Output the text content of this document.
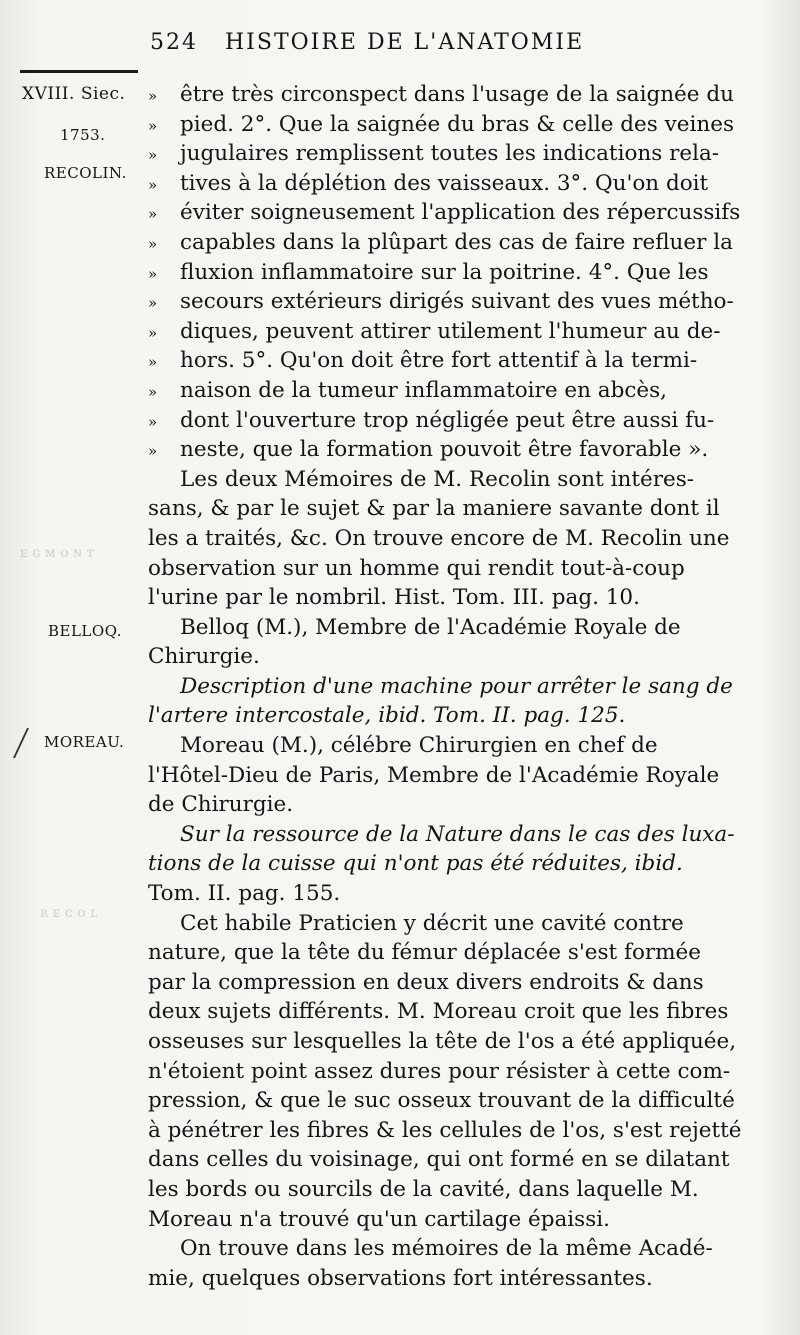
ᴇ ɢ ᴍ ᴏ ɴ ᴛ
ʀ ᴇ ᴄ ᴏ ʟ
524 HISTOIRE DE L'ANATOMIE
XVIII. Siec.
1753.
RECOLIN.
BELLOQ.
MOREAU.
» être très circonspect dans l'usage de la saignée du
» pied. 2°. Que la saignée du bras & celle des veines
» jugulaires remplissent toutes les indications rela-
» tives à la déplétion des vaisseaux. 3°. Qu'on doit
» éviter soigneusement l'application des répercussifs
» capables dans la plûpart des cas de faire refluer la
» fluxion inflammatoire sur la poitrine. 4°. Que les
» secours extérieurs dirigés suivant des vues métho-
» diques, peuvent attirer utilement l'humeur au de-
» hors. 5°. Qu'on doit être fort attentif à la termi-
» naison de la tumeur inflammatoire en abcès,
» dont l'ouverture trop négligée peut être aussi fu-
» neste, que la formation pouvoit être favorable ».
Les deux Mémoires de M. Recolin sont intéres-
sans, & par le sujet & par la maniere savante dont il
les a traités, &c. On trouve encore de M. Recolin une
observation sur un homme qui rendit tout-à-coup
l'urine par le nombril. Hist. Tom. III. pag. 10.
Belloq (M.), Membre de l'Académie Royale de
Chirurgie.
Description d'une machine pour arrêter le sang de
l'artere intercostale, ibid. Tom. II. pag. 125.
Moreau (M.), célébre Chirurgien en chef de
l'Hôtel-Dieu de Paris, Membre de l'Académie Royale
de Chirurgie.
Sur la ressource de la Nature dans le cas des luxa-
tions de la cuisse qui n'ont pas été réduites, ibid.
Tom. II. pag. 155.
Cet habile Praticien y décrit une cavité contre
nature, que la tête du fémur déplacée s'est formée
par la compression en deux divers endroits & dans
deux sujets différents. M. Moreau croit que les fibres
osseuses sur lesquelles la tête de l'os a été appliquée,
n'étoient point assez dures pour résister à cette com-
pression, & que le suc osseux trouvant de la difficulté
à pénétrer les fibres & les cellules de l'os, s'est rejetté
dans celles du voisinage, qui ont formé en se dilatant
les bords ou sourcils de la cavité, dans laquelle M.
Moreau n'a trouvé qu'un cartilage épaissi.
On trouve dans les mémoires de la même Acadé-
mie, quelques observations fort intéressantes.
